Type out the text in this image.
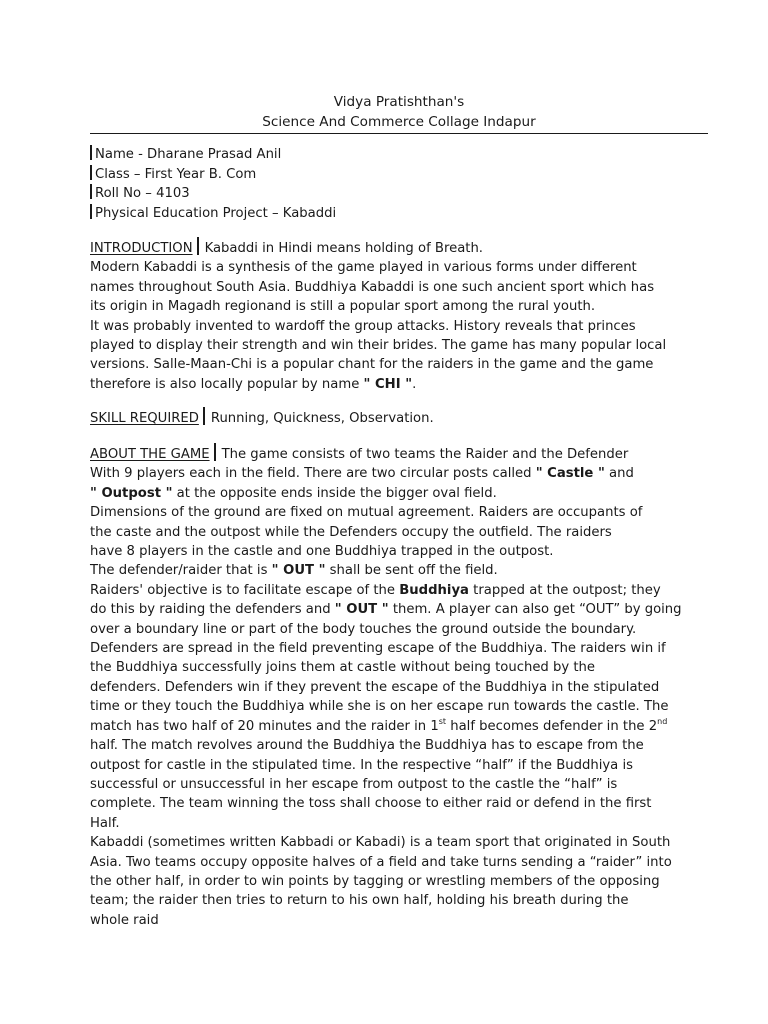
Vidya Pratishthan's
Science And Commerce Collage Indapur
Name - Dharane Prasad Anil
Class – First Year B. Com
Roll No – 4103
Physical Education Project – Kabaddi

INTRODUCTION Kabaddi in Hindi means holding of Breath.

Modern Kabaddi is a synthesis of the game played in various forms under different

names throughout South Asia. Buddhiya Kabaddi is one such ancient sport which has

its origin in Magadh regionand is still a popular sport among the rural youth.

It was probably invented to wardoff the group attacks. History reveals that princes

played to display their strength and win their brides. The game has many popular local

versions. Salle-Maan-Chi is a popular chant for the raiders in the game and the game

therefore is also locally popular by name " CHI ".

SKILL REQUIRED Running, Quickness, Observation.

ABOUT THE GAME The game consists of two teams the Raider and the Defender

With 9 players each in the field. There are two circular posts called " Castle " and

" Outpost " at the opposite ends inside the bigger oval field.

Dimensions of the ground are fixed on mutual agreement. Raiders are occupants of

the caste and the outpost while the Defenders occupy the outfield. The raiders

have 8 players in the castle and one Buddhiya trapped in the outpost.

The defender/raider that is " OUT " shall be sent off the field.

Raiders' objective is to facilitate escape of the Buddhiya trapped at the outpost; they

do this by raiding the defenders and " OUT " them. A player can also get “OUT” by going

over a boundary line or part of the body touches the ground outside the boundary.

Defenders are spread in the field preventing escape of the Buddhiya. The raiders win if

the Buddhiya successfully joins them at castle without being touched by the

defenders. Defenders win if they prevent the escape of the Buddhiya in the stipulated

time or they touch the Buddhiya while she is on her escape run towards the castle. The

match has two half of 20 minutes and the raider in 1st half becomes defender in the 2nd

half. The match revolves around the Buddhiya the Buddhiya has to escape from the

outpost for castle in the stipulated time. In the respective “half” if the Buddhiya is

successful or unsuccessful in her escape from outpost to the castle the “half” is

complete. The team winning the toss shall choose to either raid or defend in the first

Half.

Kabaddi (sometimes written Kabbadi or Kabadi) is a team sport that originated in South

Asia. Two teams occupy opposite halves of a field and take turns sending a “raider” into

the other half, in order to win points by tagging or wrestling members of the opposing

team; the raider then tries to return to his own half, holding his breath during the

whole raid
